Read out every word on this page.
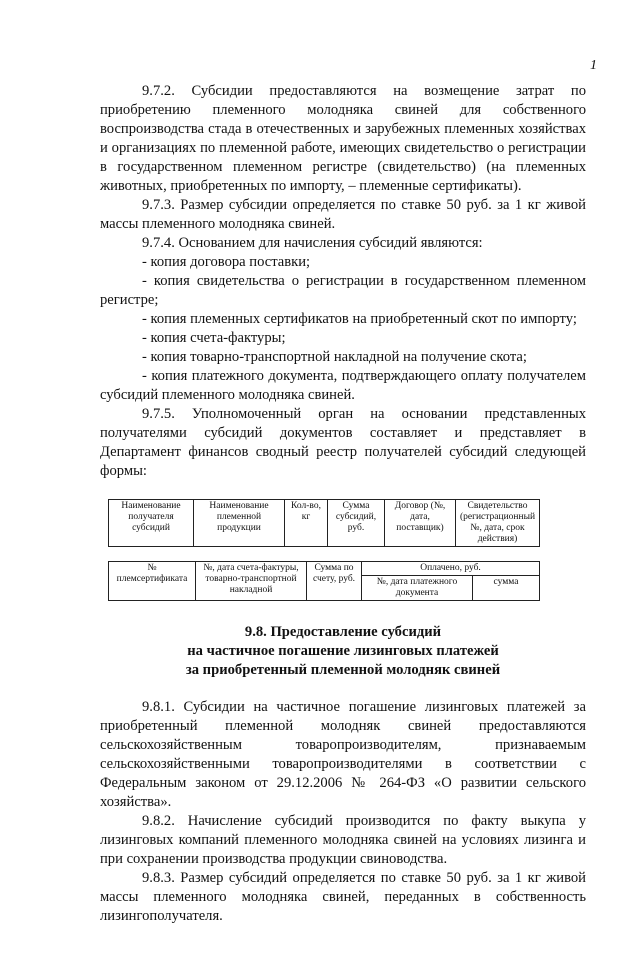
1

9.7.2. Субсидии предоставляются на возмещение затрат по приобретению племенного молодняка свиней для собственного воспроизводства стада в отечественных и зарубежных племенных хозяйствах и организациях по племенной работе, имеющих свидетельство о регистрации в государственном племенном регистре (свидетельство) (на племенных животных, приобретенных по импорту, – племенные сертификаты).

9.7.3. Размер субсидии определяется по ставке 50 руб. за 1 кг живой массы племенного молодняка свиней.

9.7.4. Основанием для начисления субсидий являются:

- копия договора поставки;

- копия свидетельства о регистрации в государственном племенном регистре;

- копия племенных сертификатов на приобретенный скот по импорту;

- копия счета-фактуры;

- копия товарно-транспортной накладной на получение скота;

- копия платежного документа, подтверждающего оплату получателем субсидий племенного молодняка свиней.

9.7.5. Уполномоченный орган на основании представленных получателями субсидий документов составляет и представляет в Департамент финансов сводный реестр получателей субсидий следующей формы:

Наименование получателя субсидий	Наименование племенной продукции	Кол-во, кг	Сумма субсидий, руб.	Договор (№, дата, поставщик)	Свидетельство (регистрационный №, дата, срок действия)
№ племсертификата	№, дата счета-фактуры, товарно-транспортной накладной	Сумма по счету, руб.	Оплачено, руб.	
			№, дата платежного документа	сумма
9.8. Предоставление субсидий
на частичное погашение лизинговых платежей
за приобретенный племенной молодняк свиней

9.8.1. Субсидии на частичное погашение лизинговых платежей за приобретенный племенной молодняк свиней предоставляются сельскохозяйственным товаропроизводителям, признаваемым сельскохозяйственными товаропроизводителями в соответствии с Федеральным законом от 29.12.2006 № 264-ФЗ «О развитии сельского хозяйства».

9.8.2. Начисление субсидий производится по факту выкупа у лизинговых компаний племенного молодняка свиней на условиях лизинга и при сохранении производства продукции свиноводства.

9.8.3. Размер субсидий определяется по ставке 50 руб. за 1 кг живой массы племенного молодняка свиней, переданных в собственность лизингополучателя.
